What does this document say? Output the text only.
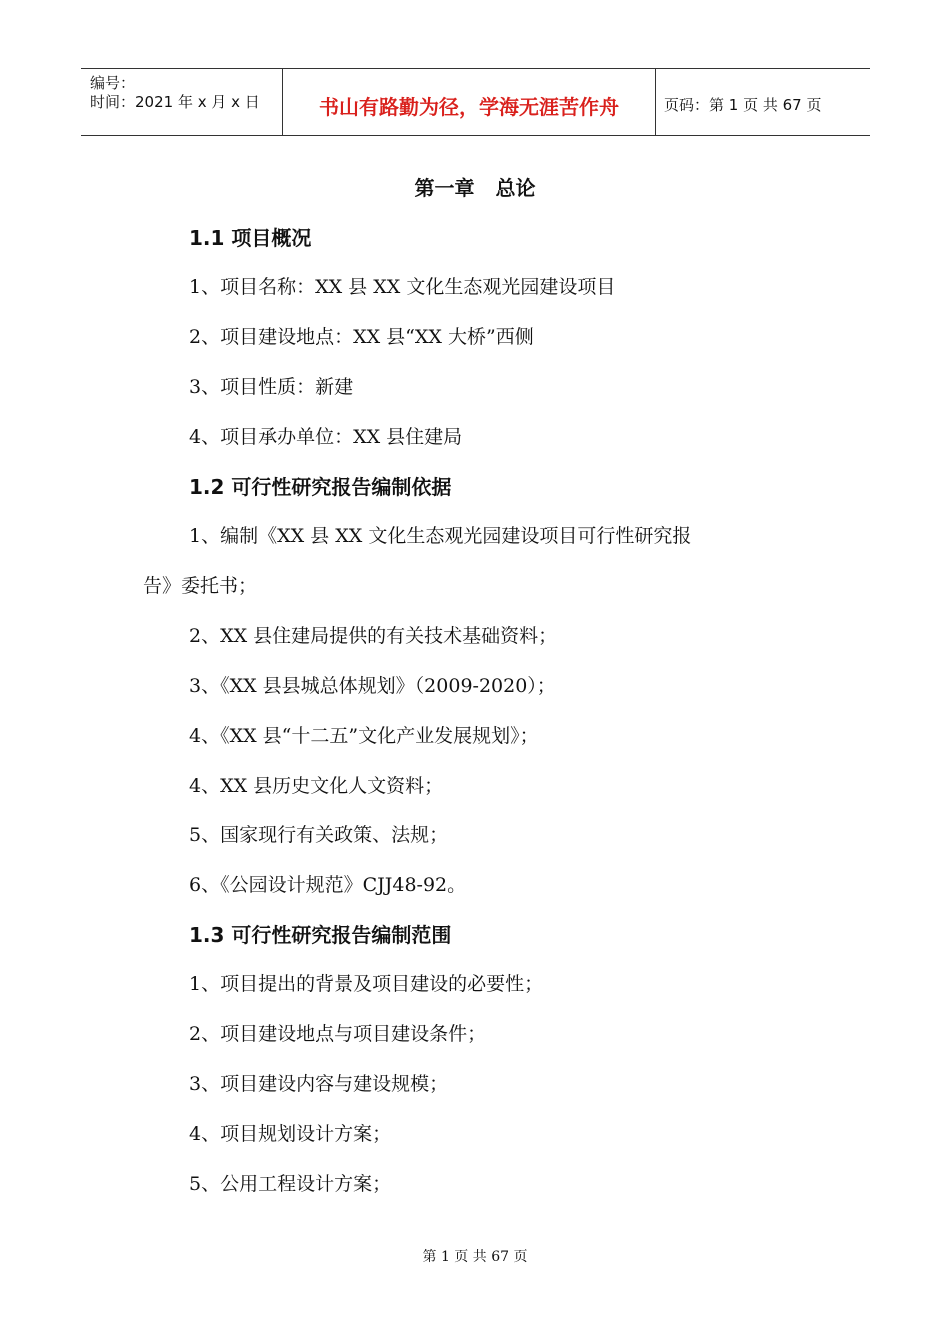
编号：
时间：2021 年 x 月 x 日	书山有路勤为径，学海无涯苦作舟	页码：第 1 页 共 67 页
第一章 总论
1.1 项目概况
1、项目名称：XX 县 XX 文化生态观光园建设项目
2、项目建设地点：XX 县“XX 大桥”西侧
3、项目性质：新建
4、项目承办单位：XX 县住建局
1.2 可行性研究报告编制依据
1、编制《XX 县 XX 文化生态观光园建设项目可行性研究报
告》委托书；
2、XX 县住建局提供的有关技术基础资料；
3、《XX 县县城总体规划》（2009-2020）；
4、《XX 县“十二五”文化产业发展规划》；
4、XX 县历史文化人文资料；
5、国家现行有关政策、法规；
6、《公园设计规范》CJJ48-92。
1.3 可行性研究报告编制范围
1、项目提出的背景及项目建设的必要性；
2、项目建设地点与项目建设条件；
3、项目建设内容与建设规模；
4、项目规划设计方案；
5、公用工程设计方案；
第 1 页 共 67 页
